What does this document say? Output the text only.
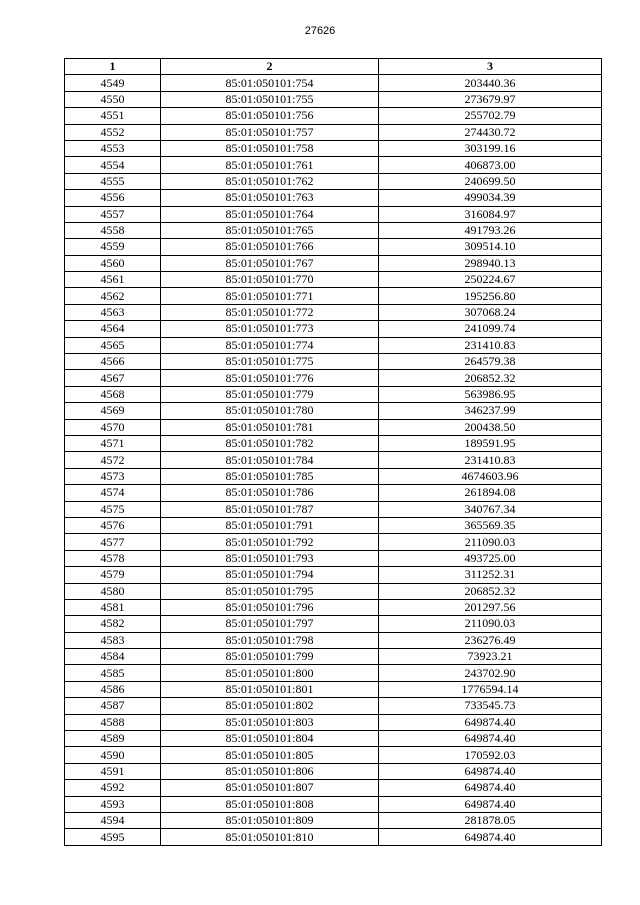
27626
1	2	3
4549	85:01:050101:754	203440.36
4550	85:01:050101:755	273679.97
4551	85:01:050101:756	255702.79
4552	85:01:050101:757	274430.72
4553	85:01:050101:758	303199.16
4554	85:01:050101:761	406873.00
4555	85:01:050101:762	240699.50
4556	85:01:050101:763	499034.39
4557	85:01:050101:764	316084.97
4558	85:01:050101:765	491793.26
4559	85:01:050101:766	309514.10
4560	85:01:050101:767	298940.13
4561	85:01:050101:770	250224.67
4562	85:01:050101:771	195256.80
4563	85:01:050101:772	307068.24
4564	85:01:050101:773	241099.74
4565	85:01:050101:774	231410.83
4566	85:01:050101:775	264579.38
4567	85:01:050101:776	206852.32
4568	85:01:050101:779	563986.95
4569	85:01:050101:780	346237.99
4570	85:01:050101:781	200438.50
4571	85:01:050101:782	189591.95
4572	85:01:050101:784	231410.83
4573	85:01:050101:785	4674603.96
4574	85:01:050101:786	261894.08
4575	85:01:050101:787	340767.34
4576	85:01:050101:791	365569.35
4577	85:01:050101:792	211090.03
4578	85:01:050101:793	493725.00
4579	85:01:050101:794	311252.31
4580	85:01:050101:795	206852.32
4581	85:01:050101:796	201297.56
4582	85:01:050101:797	211090.03
4583	85:01:050101:798	236276.49
4584	85:01:050101:799	73923.21
4585	85:01:050101:800	243702.90
4586	85:01:050101:801	1776594.14
4587	85:01:050101:802	733545.73
4588	85:01:050101:803	649874.40
4589	85:01:050101:804	649874.40
4590	85:01:050101:805	170592.03
4591	85:01:050101:806	649874.40
4592	85:01:050101:807	649874.40
4593	85:01:050101:808	649874.40
4594	85:01:050101:809	281878.05
4595	85:01:050101:810	649874.40
